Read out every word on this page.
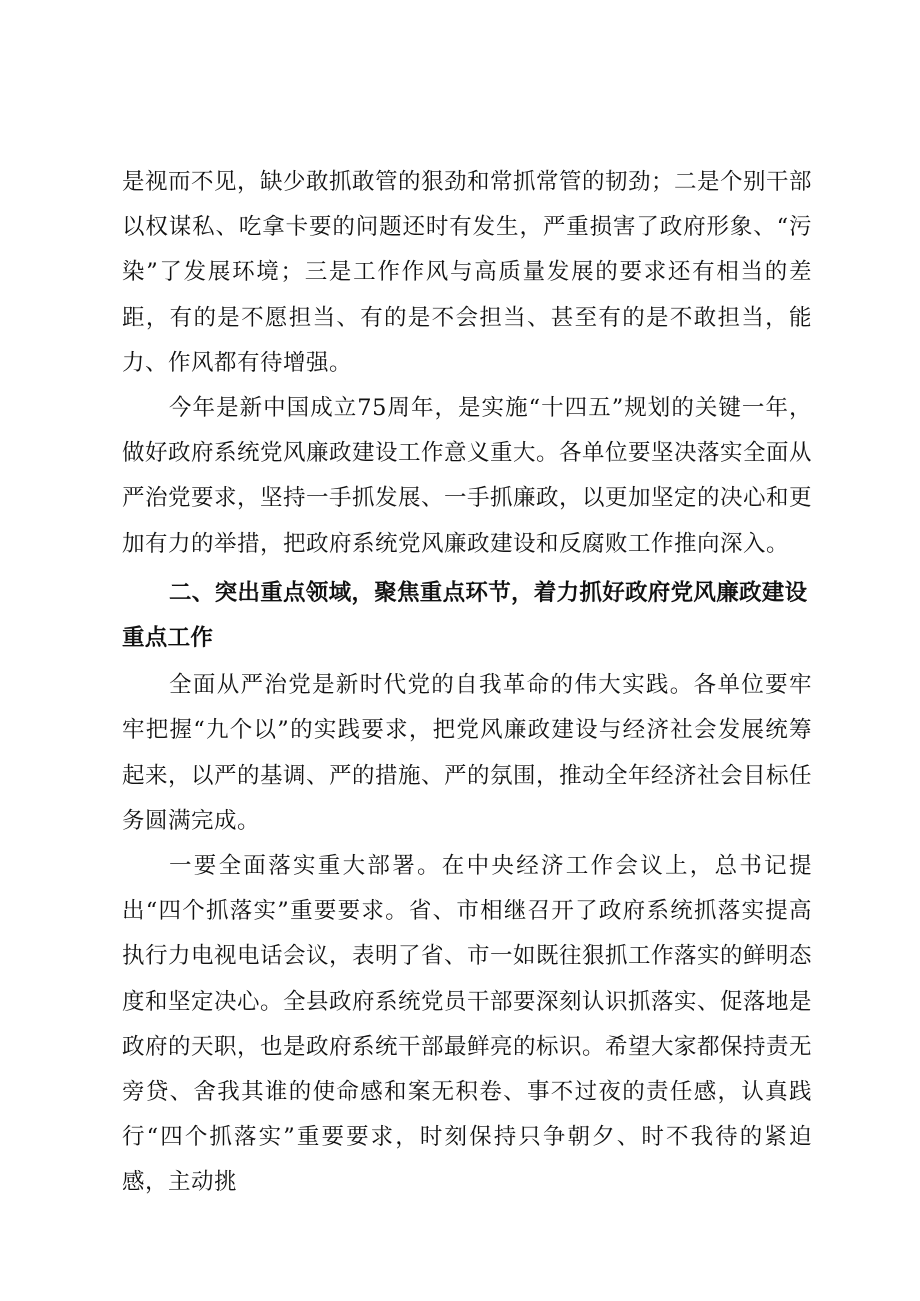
是视而不见，缺少敢抓敢管的狠劲和常抓常管的韧劲；二是个别干部以权谋私、吃拿卡要的问题还时有发生，严重损害了政府形象、“污染”了发展环境；三是工作作风与高质量发展的要求还有相当的差距，有的是不愿担当、有的是不会担当、甚至有的是不敢担当，能力、作风都有待增强。

今年是新中国成立75周年，是实施“十四五”规划的关键一年，做好政府系统党风廉政建设工作意义重大。各单位要坚决落实全面从严治党要求，坚持一手抓发展、一手抓廉政，以更加坚定的决心和更加有力的举措，把政府系统党风廉政建设和反腐败工作推向深入。

二、突出重点领域，聚焦重点环节，着力抓好政府党风廉政建设重点工作

全面从严治党是新时代党的自我革命的伟大实践。各单位要牢牢把握“九个以”的实践要求，把党风廉政建设与经济社会发展统筹起来，以严的基调、严的措施、严的氛围，推动全年经济社会目标任务圆满完成。

一要全面落实重大部署。在中央经济工作会议上，总书记提出“四个抓落实”重要要求。省、市相继召开了政府系统抓落实提高执行力电视电话会议，表明了省、市一如既往狠抓工作落实的鲜明态度和坚定决心。全县政府系统党员干部要深刻认识抓落实、促落地是政府的天职，也是政府系统干部最鲜亮的标识。希望大家都保持责无旁贷、舍我其谁的使命感和案无积卷、事不过夜的责任感，认真践行“四个抓落实”重要要求，时刻保持只争朝夕、时不我待的紧迫感，主动挑
